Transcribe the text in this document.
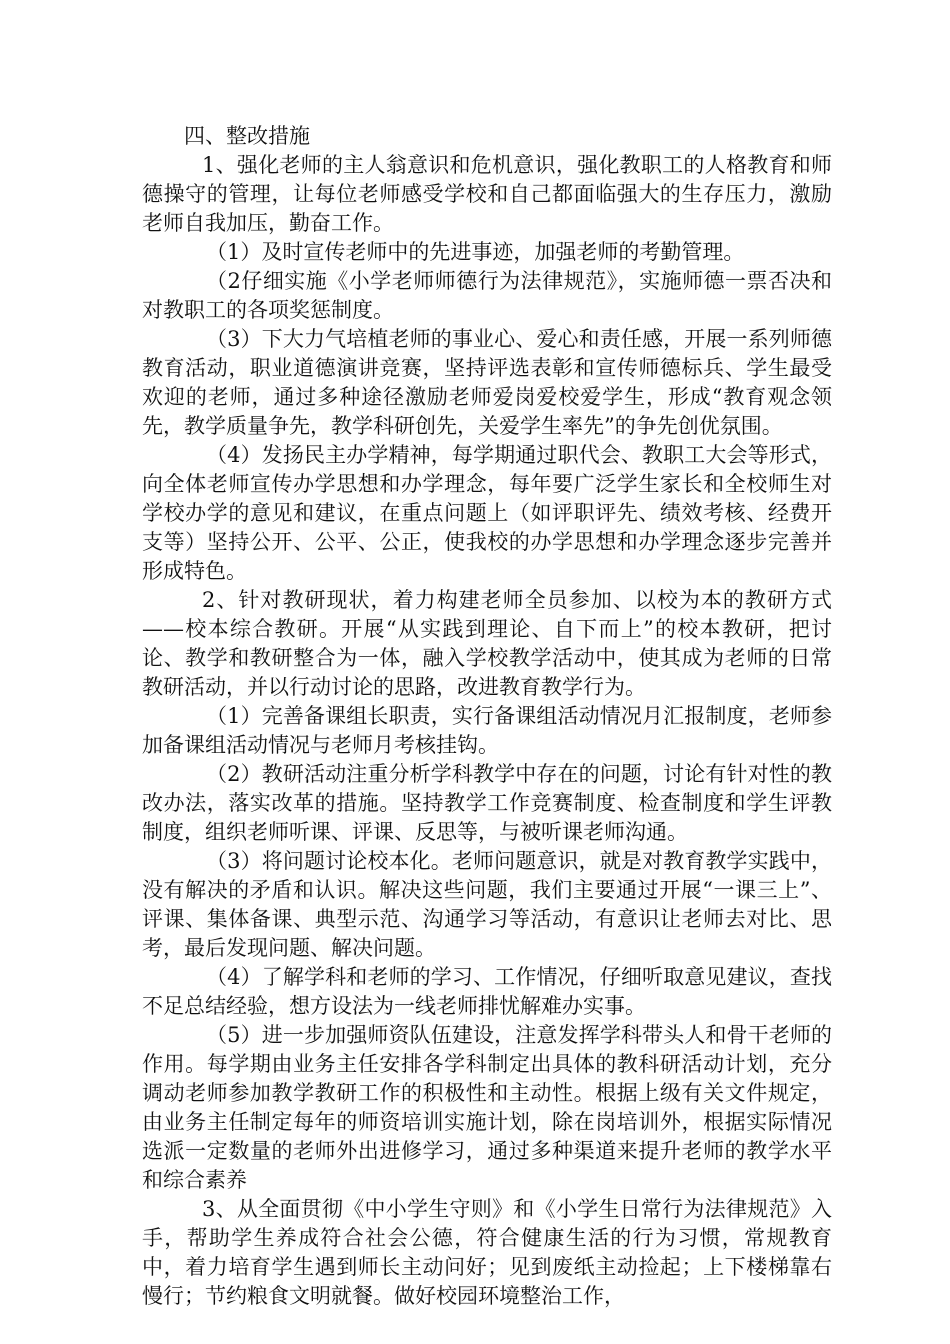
四、整改措施

1、强化老师的主人翁意识和危机意识，强化教职工的人格教育和师德操守的管理，让每位老师感受学校和自己都面临强大的生存压力，激励老师自我加压，勤奋工作。

（1）及时宣传老师中的先进事迹，加强老师的考勤管理。

（2仔细实施《小学老师师德行为法律规范》，实施师德一票否决和对教职工的各项奖惩制度。

（3）下大力气培植老师的事业心、爱心和责任感，开展一系列师德教育活动，职业道德演讲竞赛，坚持评选表彰和宣传师德标兵、学生最受欢迎的老师，通过多种途径激励老师爱岗爱校爱学生，形成“教育观念领先，教学质量争先，教学科研创先，关爱学生率先”的争先创优氛围。

（4）发扬民主办学精神，每学期通过职代会、教职工大会等形式，向全体老师宣传办学思想和办学理念，每年要广泛学生家长和全校师生对学校办学的意见和建议，在重点问题上（如评职评先、绩效考核、经费开支等）坚持公开、公平、公正，使我校的办学思想和办学理念逐步完善并形成特色。

2、针对教研现状，着力构建老师全员参加、以校为本的教研方式——校本综合教研。开展“从实践到理论、自下而上”的校本教研，把讨论、教学和教研整合为一体，融入学校教学活动中，使其成为老师的日常教研活动，并以行动讨论的思路，改进教育教学行为。

（1）完善备课组长职责，实行备课组活动情况月汇报制度，老师参加备课组活动情况与老师月考核挂钩。

（2）教研活动注重分析学科教学中存在的问题，讨论有针对性的教改办法，落实改革的措施。坚持教学工作竞赛制度、检查制度和学生评教制度，组织老师听课、评课、反思等，与被听课老师沟通。

（3）将问题讨论校本化。老师问题意识，就是对教育教学实践中，没有解决的矛盾和认识。解决这些问题，我们主要通过开展“一课三上”、评课、集体备课、典型示范、沟通学习等活动，有意识让老师去对比、思考，最后发现问题、解决问题。

（4）了解学科和老师的学习、工作情况，仔细听取意见建议，查找不足总结经验，想方设法为一线老师排忧解难办实事。

（5）进一步加强师资队伍建设，注意发挥学科带头人和骨干老师的作用。每学期由业务主任安排各学科制定出具体的教科研活动计划，充分调动老师参加教学教研工作的积极性和主动性。根据上级有关文件规定，由业务主任制定每年的师资培训实施计划，除在岗培训外，根据实际情况选派一定数量的老师外出进修学习，通过多种渠道来提升老师的教学水平和综合素养

3、从全面贯彻《中小学生守则》和《小学生日常行为法律规范》入手，帮助学生养成符合社会公德，符合健康生活的行为习惯，常规教育中，着力培育学生遇到师长主动问好；见到废纸主动捡起；上下楼梯靠右慢行；节约粮食文明就餐。做好校园环境整治工作，
